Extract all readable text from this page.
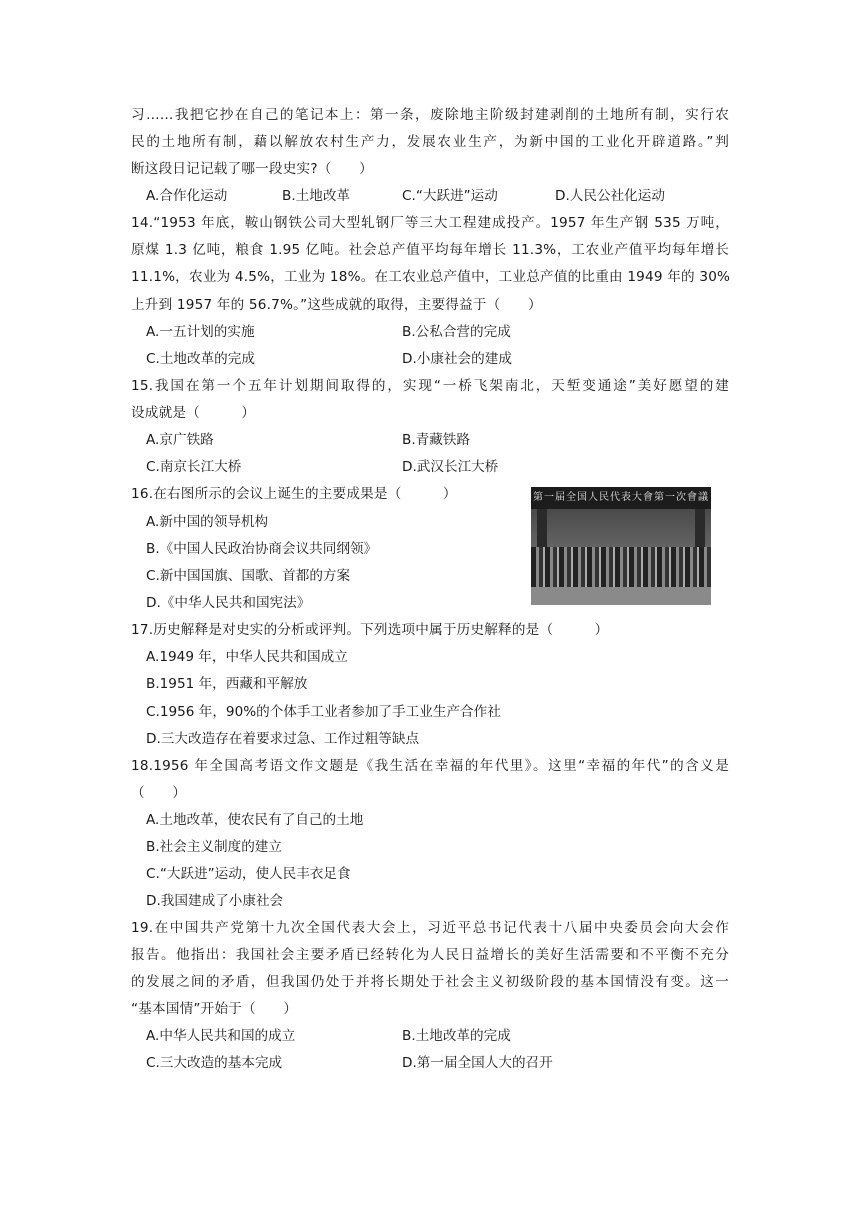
习……我把它抄在自己的笔记本上：第一条，废除地主阶级封建剥削的土地所有制，实行农
民的土地所有制，藉以解放农村生产力，发展农业生产，为新中国的工业化开辟道路。”判
断这段日记记载了哪一段史实?（　　）
A.合作化运动	B.土地改革	C.“大跃进”运动	D.人民公社化运动
14.“1953 年底，鞍山钢铁公司大型轧钢厂等三大工程建成投产。1957 年生产钢 535 万吨，
原煤 1.3 亿吨，粮食 1.95 亿吨。社会总产值平均每年增长 11.3%，工农业产值平均每年增长
11.1%，农业为 4.5%，工业为 18%。在工农业总产值中，工业总产值的比重由 1949 年的 30%
上升到 1957 年的 56.7%。”这些成就的取得，主要得益于（　　）
A.一五计划的实施	B.公私合营的完成
C.土地改革的完成	D.小康社会的建成
15.我国在第一个五年计划期间取得的，实现“一桥飞架南北，天堑变通途”美好愿望的建
设成就是（　　　）
A.京广铁路	B.青藏铁路
C.南京长江大桥	D.武汉长江大桥
16.在右图所示的会议上诞生的主要成果是（　　　）
A.新中国的领导机构
B.《中国人民政治协商会议共同纲领》
C.新中国国旗、国歌、首都的方案
D.《中华人民共和国宪法》
第一届全国人民代表大會第一次會議
17.历史解释是对史实的分析或评判。下列选项中属于历史解释的是（　　　）
A.1949 年，中华人民共和国成立
B.1951 年，西藏和平解放
C.1956 年，90%的个体手工业者参加了手工业生产合作社
D.三大改造存在着要求过急、工作过粗等缺点
18.1956 年全国高考语文作文题是《我生活在幸福的年代里》。这里“幸福的年代”的含义是
（　　）
A.土地改革，使农民有了自己的土地
B.社会主义制度的建立
C.“大跃进”运动，使人民丰衣足食
D.我国建成了小康社会
19.在中国共产党第十九次全国代表大会上，习近平总书记代表十八届中央委员会向大会作
报告。他指出：我国社会主要矛盾已经转化为人民日益增长的美好生活需要和不平衡不充分
的发展之间的矛盾，但我国仍处于并将长期处于社会主义初级阶段的基本国情没有变。这一
“基本国情”开始于（　　）
A.中华人民共和国的成立	B.土地改革的完成
C.三大改造的基本完成	D.第一届全国人大的召开
